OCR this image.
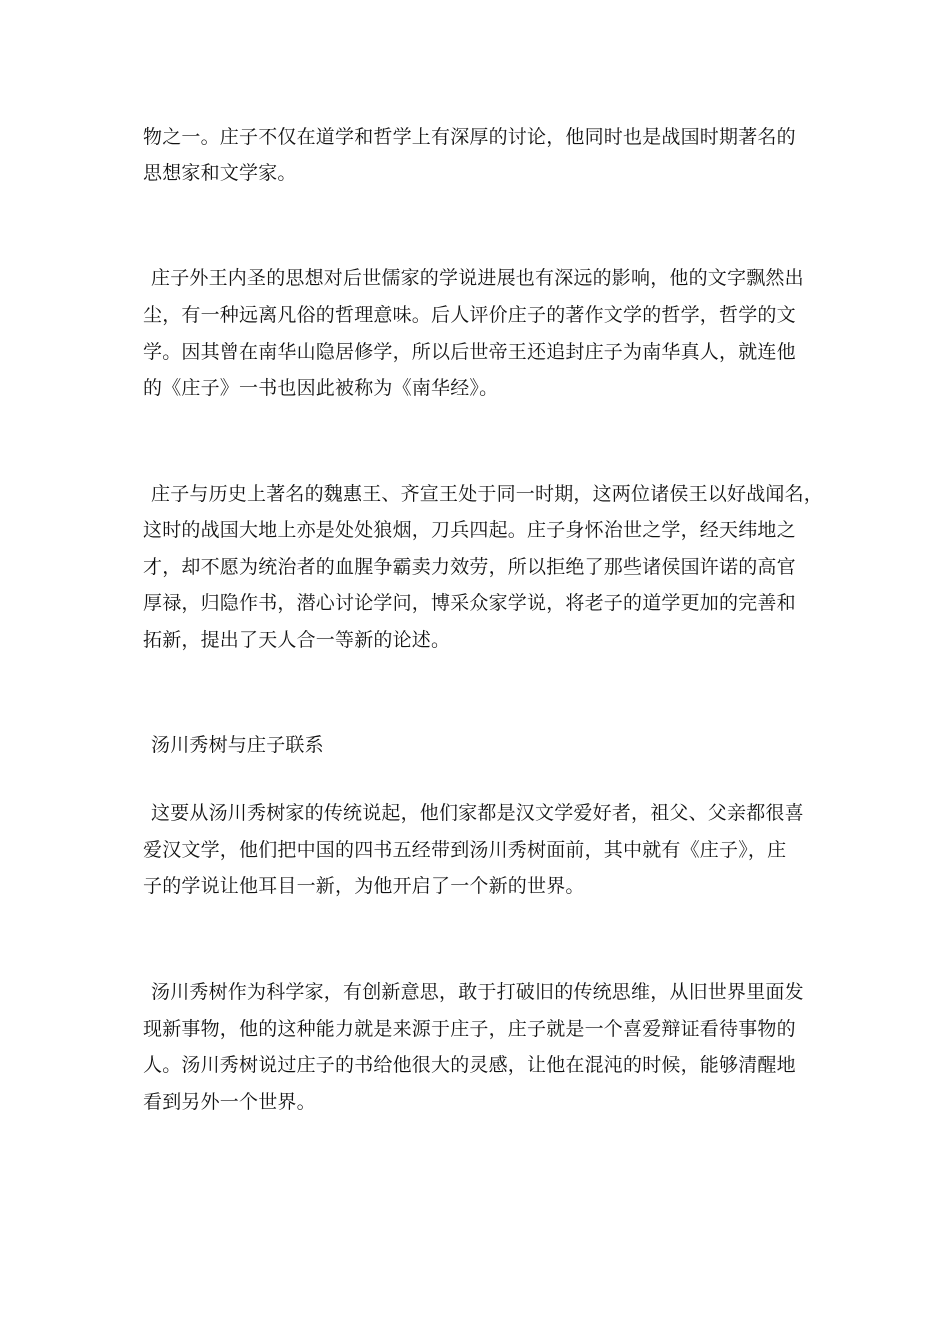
物之一。庄子不仅在道学和哲学上有深厚的讨论，他同时也是战国时期著名的
思想家和文学家。
庄子外王内圣的思想对后世儒家的学说进展也有深远的影响，他的文字飘然出
尘，有一种远离凡俗的哲理意味。后人评价庄子的著作文学的哲学，哲学的文
学。因其曾在南华山隐居修学，所以后世帝王还追封庄子为南华真人，就连他
的《庄子》一书也因此被称为《南华经》。
庄子与历史上著名的魏惠王、齐宣王处于同一时期，这两位诸侯王以好战闻名，
这时的战国大地上亦是处处狼烟，刀兵四起。庄子身怀治世之学，经天纬地之
才，却不愿为统治者的血腥争霸卖力效劳，所以拒绝了那些诸侯国许诺的高官
厚禄，归隐作书，潜心讨论学问，博采众家学说，将老子的道学更加的完善和
拓新，提出了天人合一等新的论述。
汤川秀树与庄子联系
这要从汤川秀树家的传统说起，他们家都是汉文学爱好者，祖父、父亲都很喜
爱汉文学，他们把中国的四书五经带到汤川秀树面前，其中就有《庄子》，庄
子的学说让他耳目一新，为他开启了一个新的世界。
汤川秀树作为科学家，有创新意思，敢于打破旧的传统思维，从旧世界里面发
现新事物，他的这种能力就是来源于庄子，庄子就是一个喜爱辩证看待事物的
人。汤川秀树说过庄子的书给他很大的灵感，让他在混沌的时候，能够清醒地
看到另外一个世界。
